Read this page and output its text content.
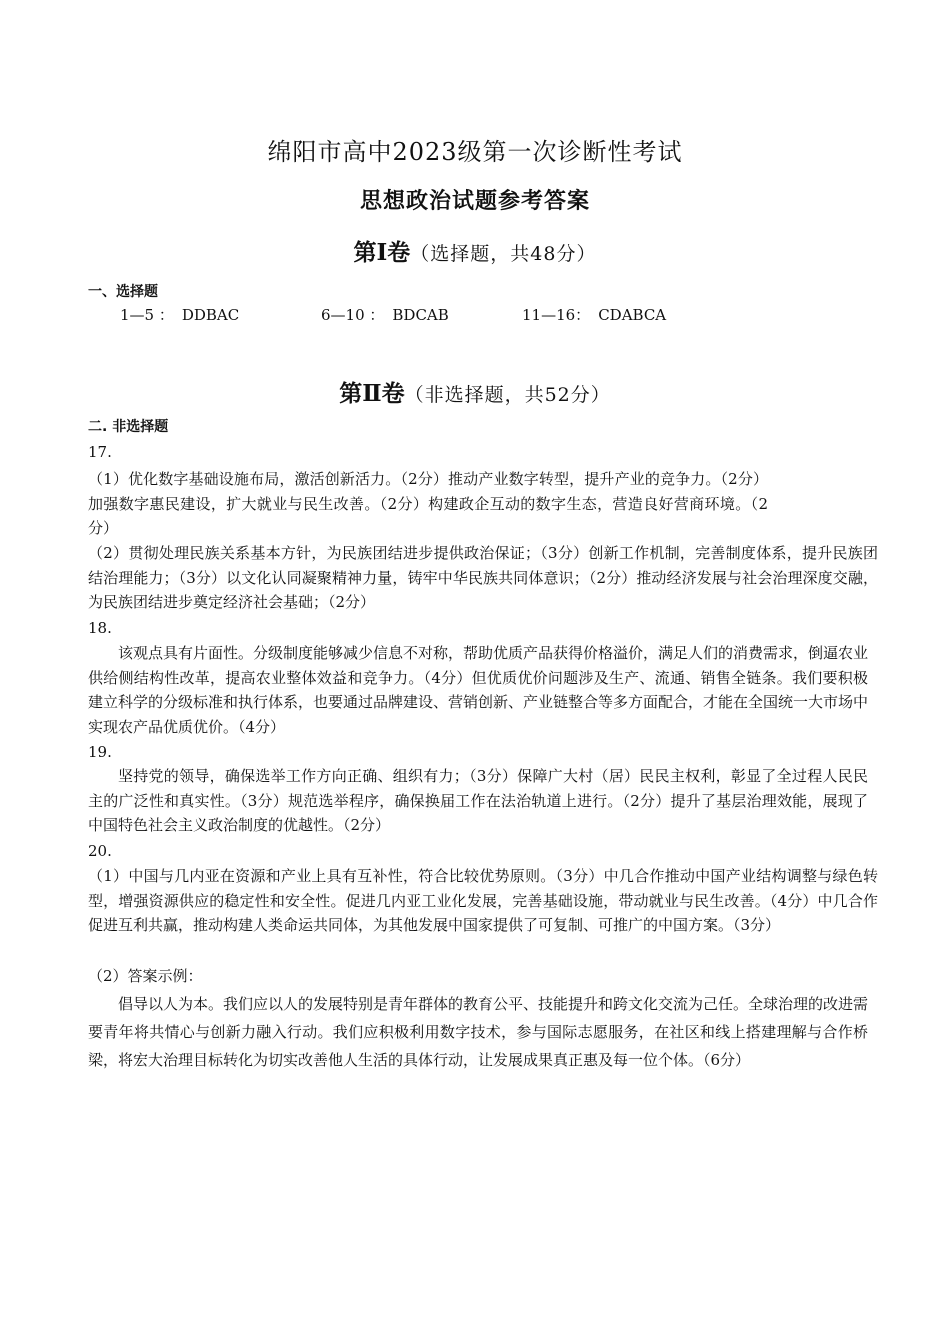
绵阳市高中2023级第一次诊断性考试
思想政治试题参考答案
第Ⅰ卷（选择题，共48分）
一、选择题
1—5 ： DDBAC	6—10 ： BDCAB	11—16： CDABCA
第Ⅱ卷（非选择题，共52分）
二. 非选择题
17.

（1）优化数字基础设施布局，激活创新活力。（2分）推动产业数字转型，提升产业的竞争力。（2分）加强数字惠民建设，扩大就业与民生改善。（2分）构建政企互动的数字生态，营造良好营商环境。（2分）

（2）贯彻处理民族关系基本方针，为民族团结进步提供政治保证；（3分）创新工作机制，完善制度体系，提升民族团结治理能力；（3分）以文化认同凝聚精神力量，铸牢中华民族共同体意识；（2分）推动经济发展与社会治理深度交融，为民族团结进步奠定经济社会基础；（2分）

18.

该观点具有片面性。分级制度能够减少信息不对称，帮助优质产品获得价格溢价，满足人们的消费需求，倒逼农业供给侧结构性改革，提高农业整体效益和竞争力。（4分）但优质优价问题涉及生产、流通、销售全链条。我们要积极建立科学的分级标准和执行体系，也要通过品牌建设、营销创新、产业链整合等多方面配合，才能在全国统一大市场中实现农产品优质优价。（4分）

19.

坚持党的领导，确保选举工作方向正确、组织有力；（3分）保障广大村（居）民民主权利，彰显了全过程人民民主的广泛性和真实性。（3分）规范选举程序，确保换届工作在法治轨道上进行。（2分）提升了基层治理效能，展现了中国特色社会主义政治制度的优越性。（2分）

20.

（1）中国与几内亚在资源和产业上具有互补性，符合比较优势原则。（3分）中几合作推动中国产业结构调整与绿色转型，增强资源供应的稳定性和安全性。促进几内亚工业化发展，完善基础设施，带动就业与民生改善。（4分）中几合作促进互利共赢，推动构建人类命运共同体，为其他发展中国家提供了可复制、可推广的中国方案。（3分）

（2）答案示例：

倡导以人为本。我们应以人的发展特别是青年群体的教育公平、技能提升和跨文化交流为己任。全球治理的改进需要青年将共情心与创新力融入行动。我们应积极利用数字技术，参与国际志愿服务，在社区和线上搭建理解与合作桥梁，将宏大治理目标转化为切实改善他人生活的具体行动，让发展成果真正惠及每一位个体。（6分）
